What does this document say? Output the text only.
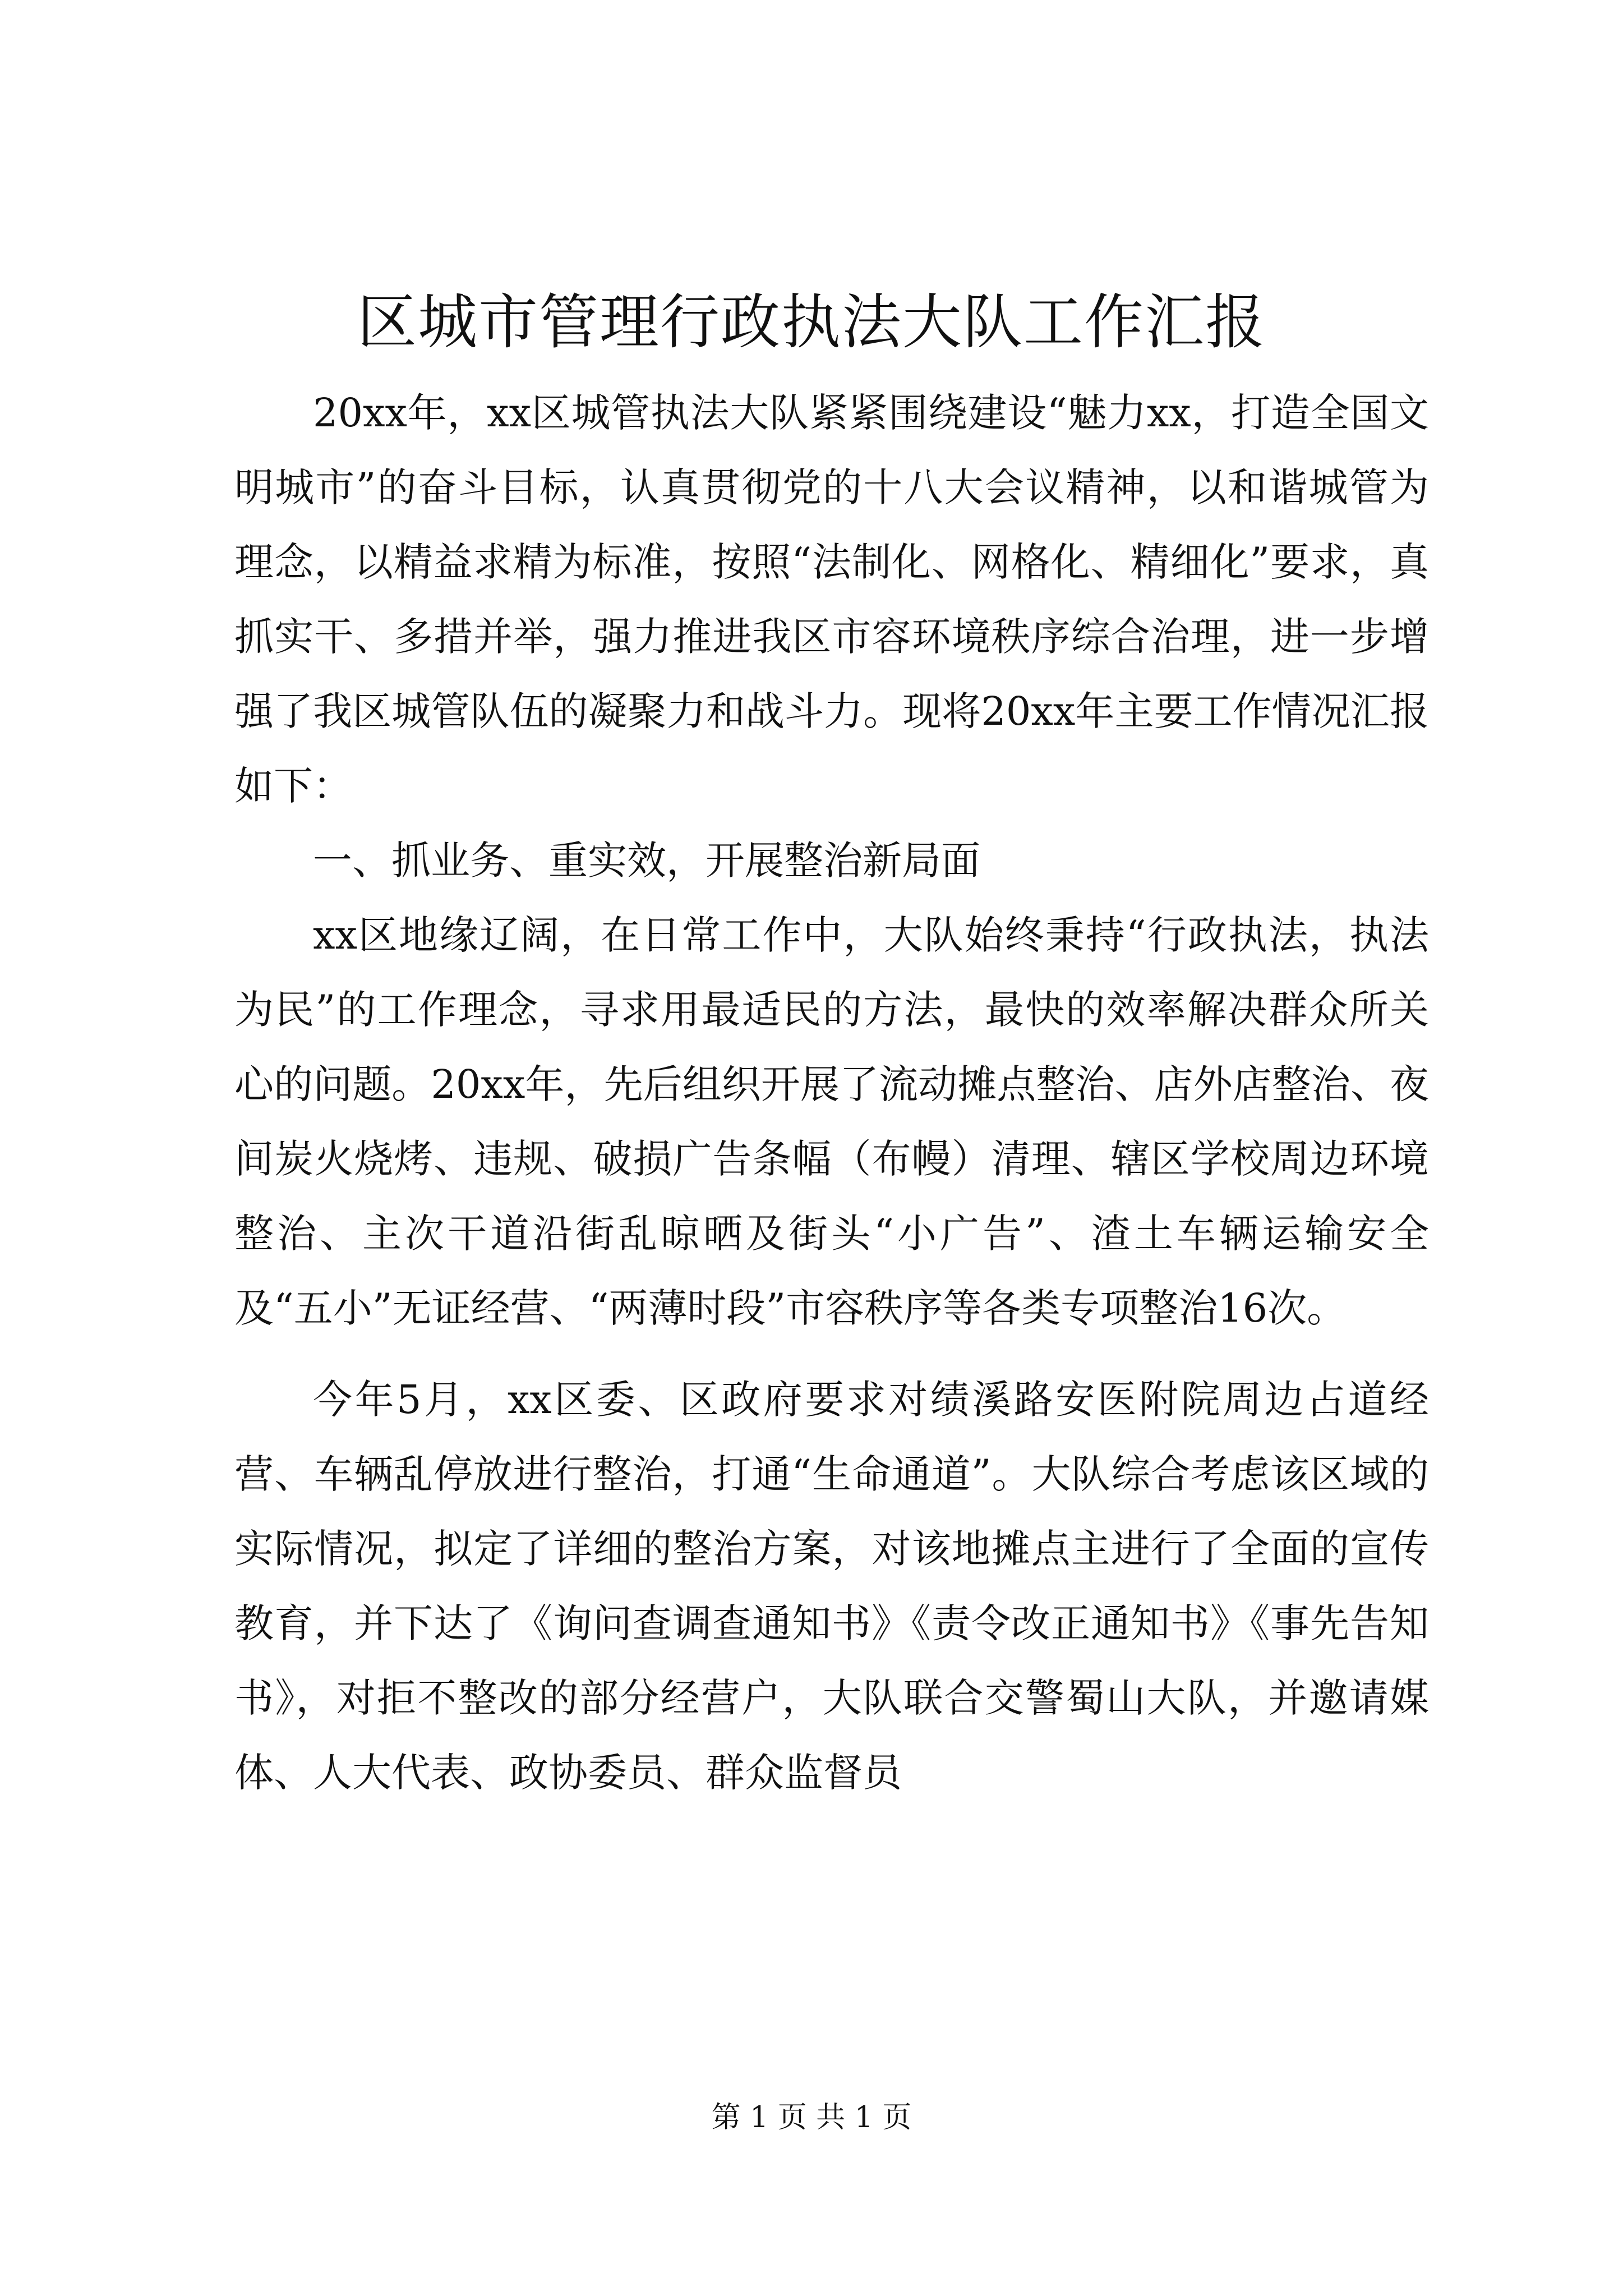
区城市管理行政执法大队工作汇报

20xx年，xx区城管执法大队紧紧围绕建设“魅力xx，打造全国文明城市”的奋斗目标，认真贯彻党的十八大会议精神，以和谐城管为理念，以精益求精为标准，按照“法制化、网格化、精细化”要求，真抓实干、多措并举，强力推进我区市容环境秩序综合治理，进一步增强了我区城管队伍的凝聚力和战斗力。现将20xx年主要工作情况汇报如下：

一、抓业务、重实效，开展整治新局面

xx区地缘辽阔，在日常工作中，大队始终秉持“行政执法，执法为民”的工作理念，寻求用最适民的方法，最快的效率解决群众所关心的问题。20xx年，先后组织开展了流动摊点整治、店外店整治、夜间炭火烧烤、违规、破损广告条幅（布幔）清理、辖区学校周边环境整治、主次干道沿街乱晾晒及街头“小广告”、渣土车辆运输安全及“五小”无证经营、“两薄时段”市容秩序等各类专项整治16次。

今年5月，xx区委、区政府要求对绩溪路安医附院周边占道经营、车辆乱停放进行整治，打通“生命通道”。大队综合考虑该区域的实际情况，拟定了详细的整治方案，对该地摊点主进行了全面的宣传教育，并下达了《询问查调查通知书》《责令改正通知书》《事先告知书》，对拒不整改的部分经营户，大队联合交警蜀山大队，并邀请媒体、人大代表、政协委员、群众监督员

第 1 页 共 1 页
